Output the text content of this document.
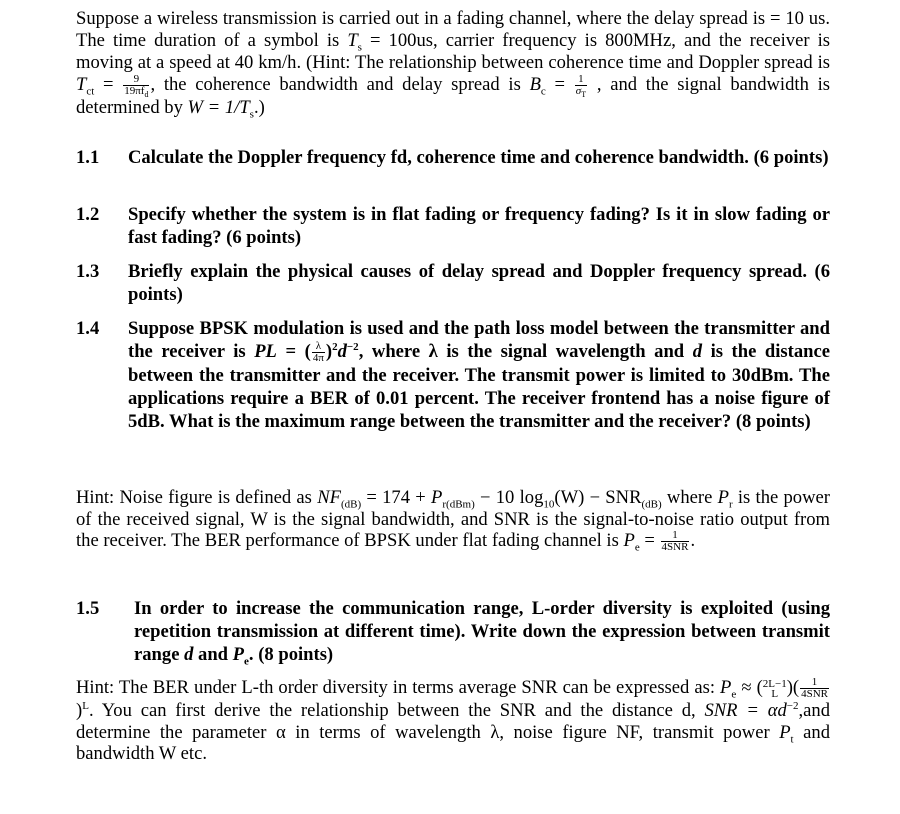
Suppose a wireless transmission is carried out in a fading channel, where the delay spread is = 10 us. The time duration of a symbol is $T_s = 100us$, carrier frequency is 800MHz, and the receiver is moving at a speed at 40 km/h. (Hint: The relationship between coherence time and Doppler spread is $T_{ct} = \frac{9}{19\pi f_d}$ , the coherence bandwidth and delay spread is $B_c = \frac{1}{\sigma_T}$ , and the signal bandwidth is determined by $W = 1/T_s$.)
1.1	Calculate the Doppler frequency fd, coherence time and coherence bandwidth. (6 points)
1.2	Specify whether the system is in flat fading or frequency fading? Is it in slow fading or fast fading? (6 points)
1.3	Briefly explain the physical causes of delay spread and Doppler frequency spread. (6 points)
1.4	Suppose BPSK modulation is used and the path loss model between the transmitter and the receiver is PL = ( $\frac{\lambda}{4\pi} )^2d^{-2}$, where λ is the signal wavelength and d is the distance between the transmitter and the receiver. The transmit power is limited to 30dBm. The applications require a BER of 0.01 percent. The receiver frontend has a noise figure of 5dB. What is the maximum range between the transmitter and the receiver? (8 points)
Hint: Noise figure is defined as $NF_{(dB)} = 174 + P_{r(dBm)} - 10$ $\log_{10}(W) - SNR_{(dB)}$ where $P_r$ is the power of the received signal, W is the signal bandwidth, and SNR is the signal-to-noise ratio output from the receiver. The BER performance of BPSK under flat fading channel is $P_e = \frac{1}{\text{4SNR}}$ .
1.5	In order to increase the communication range, L-order diversity is exploited (using repetition transmission at different time). Write down the expression between transmit range d and $P_e$. (8 points)
Hint: The BER under L-th order diversity in terms average SNR can be expressed as: $P_e$ ≈ ( 2L−1
L )( $\frac{1}{\text{4SNR}}$
)$^L$. You can first derive the relationship between the SNR and the distance d, SNR = $\alpha d^{-2},and$ determine the parameter α in terms of wavelength λ, noise figure NF, transmit power $P_t$ and bandwidth W etc.
